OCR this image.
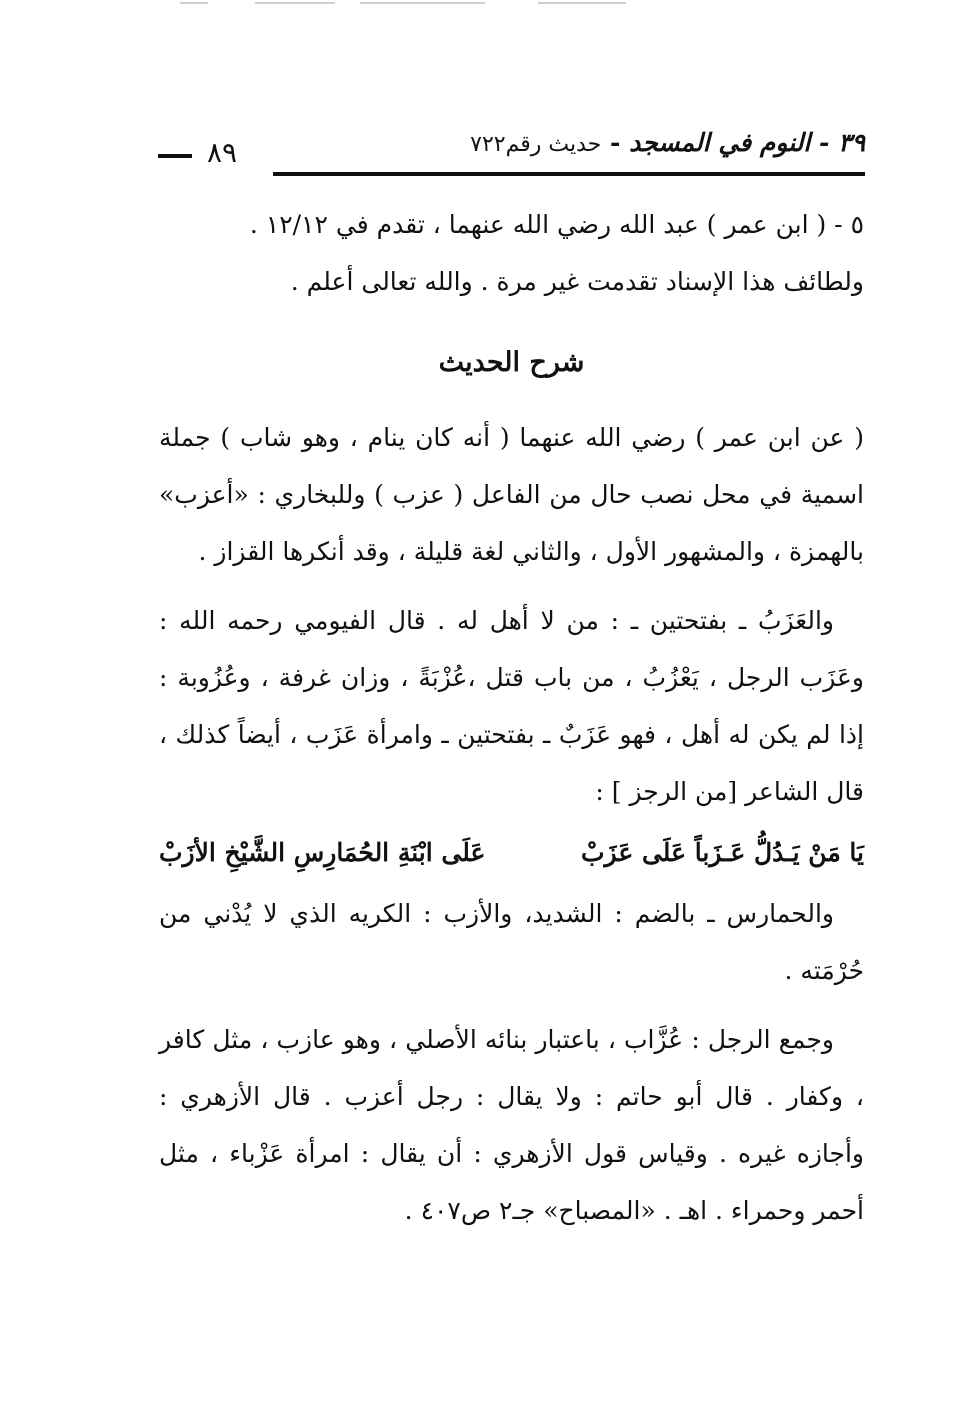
٣٩ - النوم في المسجد - حديث رقم٧٢٢
٨٩

٥ - ( ابن عمر ) عبد الله رضي الله عنهما ، تقدم في ١٢/١٢ .

ولطائف هذا الإسناد تقدمت غير مرة . والله تعالى أعلم .

شرح الحديث

( عن ابن عمر ) رضي الله عنهما ( أنه كان ينام ، وهو شاب ) جملة اسمية في محل نصب حال من الفاعل ( عزب ) وللبخاري : «أعزب» بالهمزة ، والمشهور الأول ، والثاني لغة قليلة ، وقد أنكرها القزاز .

والعَزَبُ ـ بفتحتين ـ : من لا أهل له . قال الفيومي رحمه الله : وعَزَب الرجل ، يَعْزُبُ ، من باب قتل ،عُزْبَةً ، وزان غرفة ، وعُزُوبة : إذا لم يكن له أهل ، فهو عَزَبٌ ـ بفتحتين ـ وامرأة عَزَب ، أيضاً كذلك ، قال الشاعر [من الرجز ] :

يَا مَنْ يَـدُلُّ عَـزَباً عَلَى عَزَبْ
عَلَى ابْنَةِ الحُمَارِسِ الشَّيْخِ الأزَبْ

والحمارس ـ بالضم : الشديد، والأزب : الكريه الذي لا يُدْني من حُرْمَته .

وجمع الرجل : عُزَّاب ، باعتبار بنائه الأصلي ، وهو عازب ، مثل كافر ، وكفار . قال أبو حاتم : ولا يقال : رجل أعزب . قال الأزهري : وأجازه غيره . وقياس قول الأزهري : أن يقال : امرأة عَزْباء ، مثل أحمر وحمراء . اهـ . «المصباح» جـ٢ ص٤٠٧ .
